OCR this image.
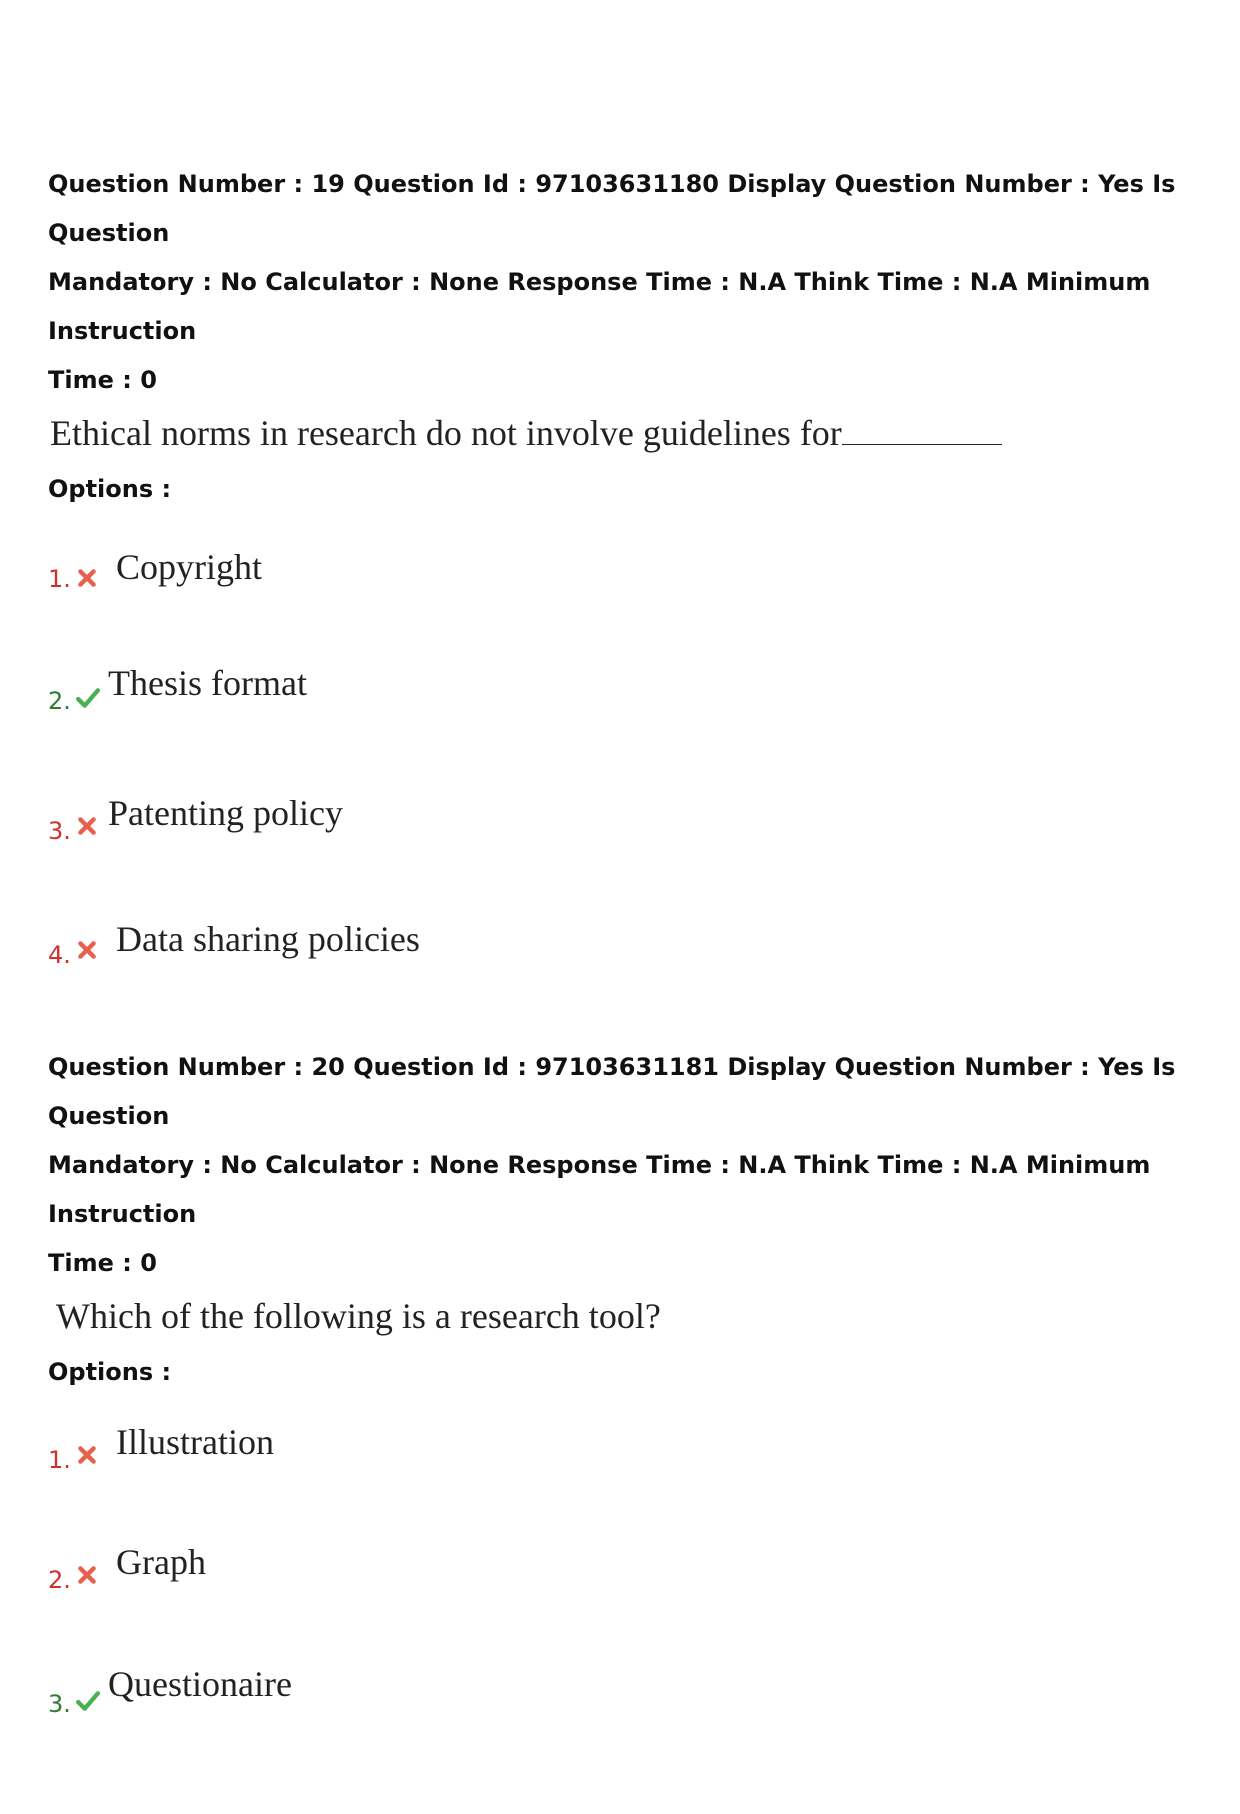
Question Number : 19 Question Id : 97103631180 Display Question Number : Yes Is Question

Mandatory : No Calculator : None Response Time : N.A Think Time : N.A Minimum Instruction

Time : 0

Ethical norms in research do not involve guidelines for
Options :
1. Copyright
2. Thesis format
3. Patenting policy
4. Data sharing policies

Question Number : 20 Question Id : 97103631181 Display Question Number : Yes Is Question

Mandatory : No Calculator : None Response Time : N.A Think Time : N.A Minimum Instruction

Time : 0

Which of the following is a research tool?
Options :
1. Illustration
2. Graph
3. Questionaire
